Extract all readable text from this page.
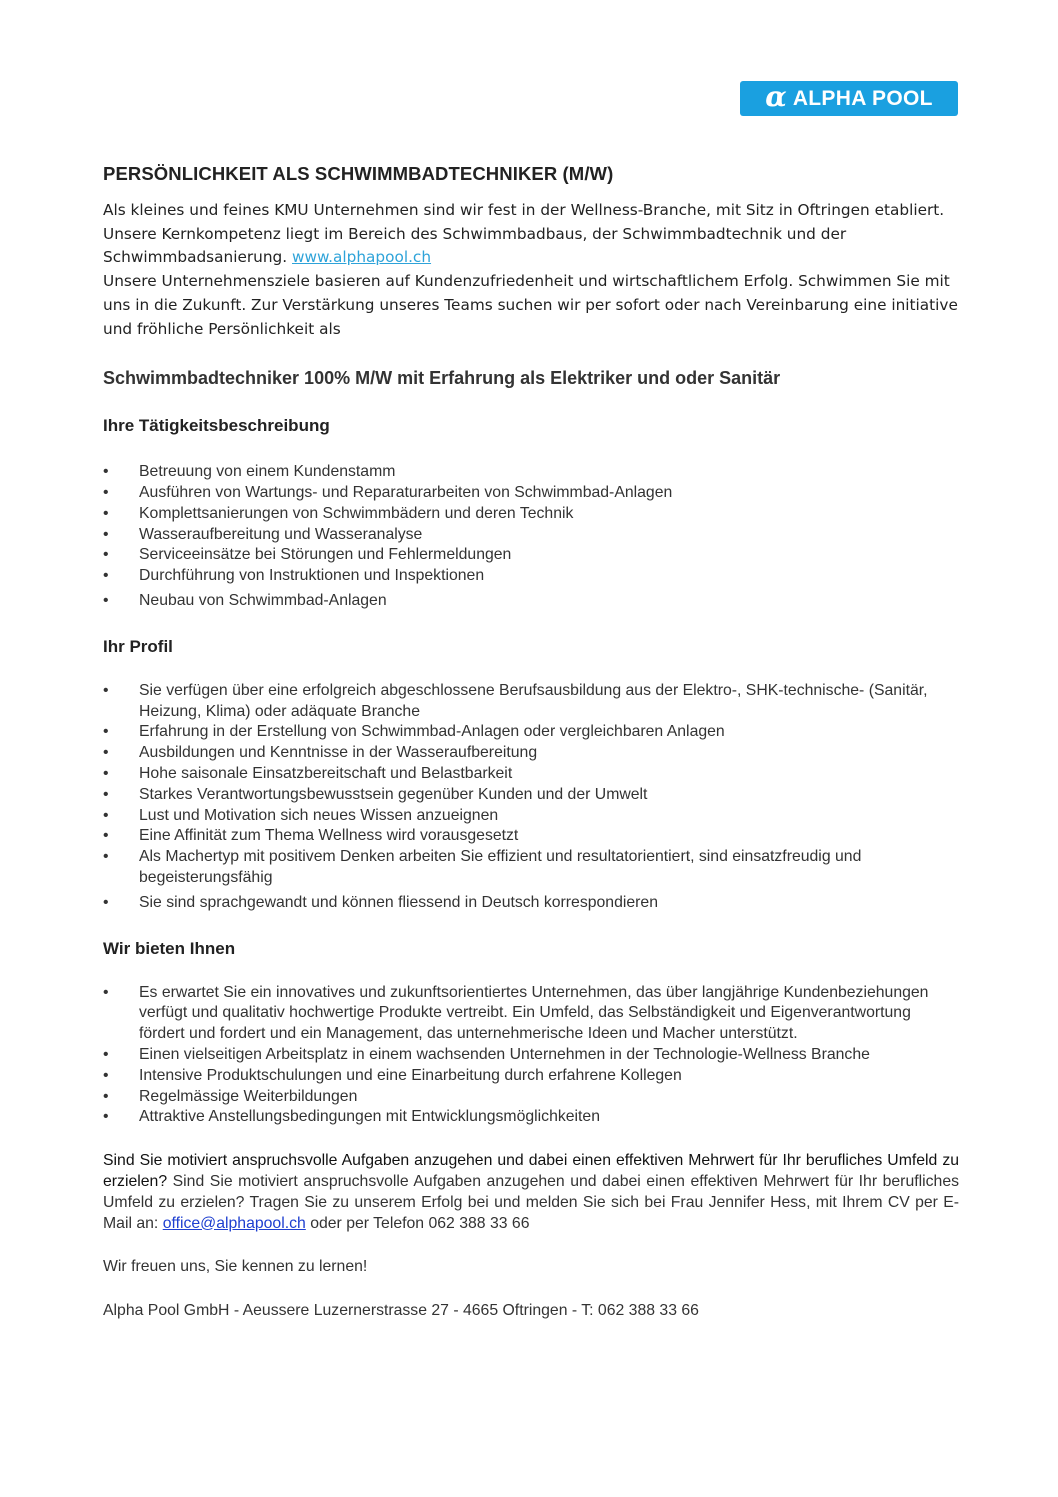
α ALPHA POOL
PERSÖNLICHKEIT ALS SCHWIMMBADTECHNIKER (M/W)

Als kleines und feines KMU Unternehmen sind wir fest in der Wellness-Branche, mit Sitz in Oftringen etabliert. Unsere Kernkompetenz liegt im Bereich des Schwimmbadbaus, der Schwimmbadtechnik und der Schwimmbadsanierung. www.alphapool.ch

Unsere Unternehmensziele basieren auf Kundenzufriedenheit und wirtschaftlichem Erfolg. Schwimmen Sie mit uns in die Zukunft. Zur Verstärkung unseres Teams suchen wir per sofort oder nach Vereinbarung eine initiative und fröhliche Persönlichkeit als

Schwimmbadtechniker 100% M/W mit Erfahrung als Elektriker und oder Sanitär
Ihre Tätigkeitsbeschreibung
• Betreuung von einem Kundenstamm
• Ausführen von Wartungs- und Reparaturarbeiten von Schwimmbad-Anlagen
• Komplettsanierungen von Schwimmbädern und deren Technik
• Wasseraufbereitung und Wasseranalyse
• Serviceeinsätze bei Störungen und Fehlermeldungen
• Durchführung von Instruktionen und Inspektionen
• Neubau von Schwimmbad-Anlagen
Ihr Profil
• Sie verfügen über eine erfolgreich abgeschlossene Berufsausbildung aus der Elektro-, SHK-technische- (Sanitär, Heizung, Klima) oder adäquate Branche
• Erfahrung in der Erstellung von Schwimmbad-Anlagen oder vergleichbaren Anlagen
• Ausbildungen und Kenntnisse in der Wasseraufbereitung
• Hohe saisonale Einsatzbereitschaft und Belastbarkeit
• Starkes Verantwortungsbewusstsein gegenüber Kunden und der Umwelt
• Lust und Motivation sich neues Wissen anzueignen
• Eine Affinität zum Thema Wellness wird vorausgesetzt
• Als Machertyp mit positivem Denken arbeiten Sie effizient und resultatorientiert, sind einsatzfreudig und begeisterungsfähig
• Sie sind sprachgewandt und können fliessend in Deutsch korrespondieren
Wir bieten Ihnen
• Es erwartet Sie ein innovatives und zukunftsorientiertes Unternehmen, das über langjährige Kundenbeziehungen verfügt und qualitativ hochwertige Produkte vertreibt. Ein Umfeld, das Selbständigkeit und Eigenverantwortung fördert und fordert und ein Management, das unternehmerische Ideen und Macher unterstützt.
• Einen vielseitigen Arbeitsplatz in einem wachsenden Unternehmen in der Technologie-Wellness Branche
• Intensive Produktschulungen und eine Einarbeitung durch erfahrene Kollegen
• Regelmässige Weiterbildungen
• Attraktive Anstellungsbedingungen mit Entwicklungsmöglichkeiten
Sind Sie motiviert anspruchsvolle Aufgaben anzugehen und dabei einen effektiven Mehrwert für Ihr berufliches Umfeld zu erzielen? Sind Sie motiviert anspruchsvolle Aufgaben anzugehen und dabei einen effektiven Mehrwert für Ihr berufliches Umfeld zu erzielen? Tragen Sie zu unserem Erfolg bei und melden Sie sich bei Frau Jennifer Hess, mit Ihrem CV per E-Mail an: office@alphapool.ch oder per Telefon 062 388 33 66
Wir freuen uns, Sie kennen zu lernen!
Alpha Pool GmbH - Aeussere Luzernerstrasse 27 - 4665 Oftringen - T: 062 388 33 66
